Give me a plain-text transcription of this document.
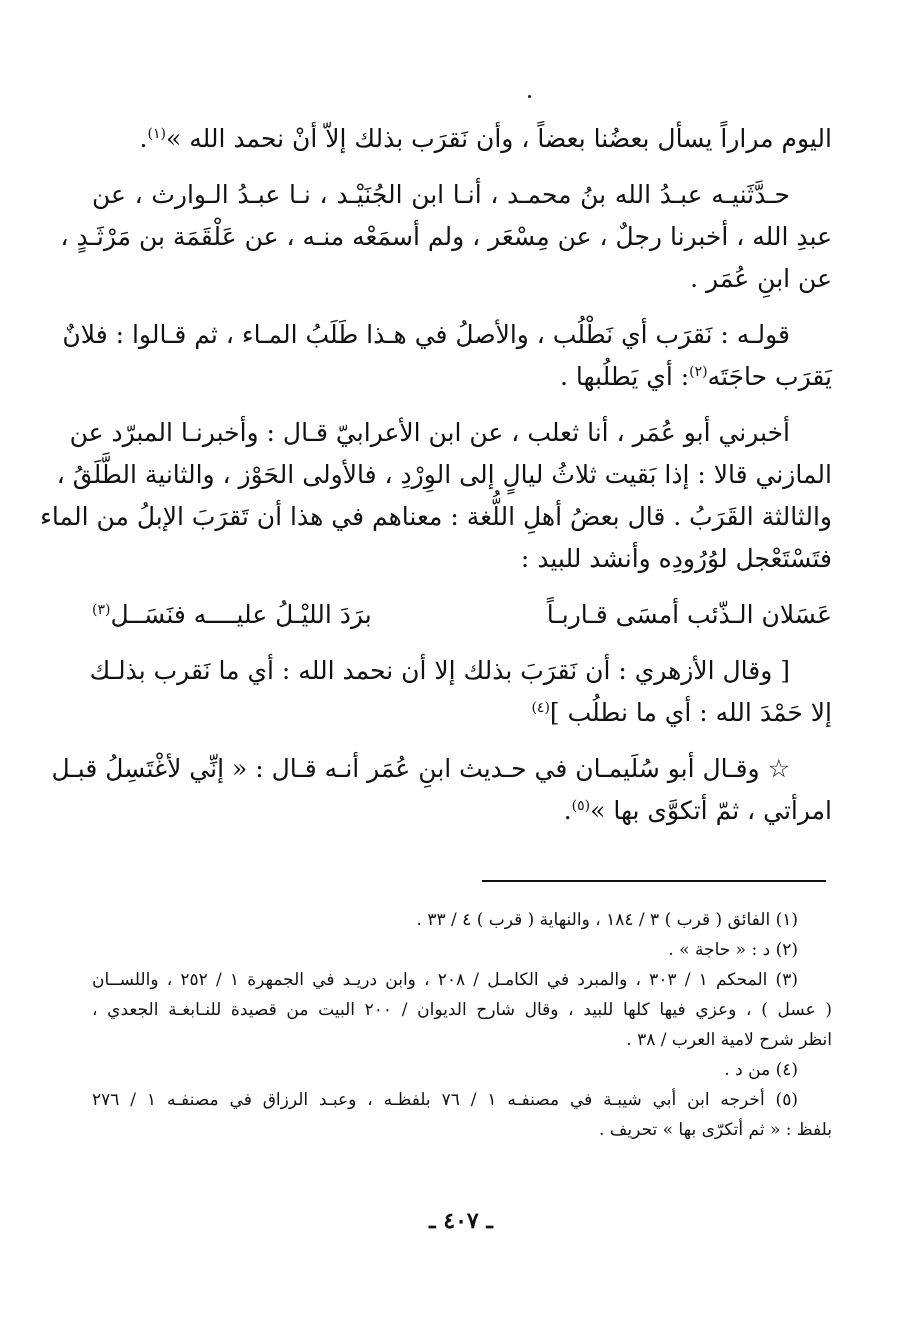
اليوم مراراً يسأل بعضُنا بعضاً ، وأن نَقرَب بذلك إلاّ أنْ نحمد الله »$^{(١)}$.
حـدَّثَنيـه عبـدُ الله بنُ محمـد ، أنـا ابن الجُنَيْـد ، نـا عبـدُ الـوارث ، عن
عبدِ الله ، أخبرنا رجلٌ ، عن مِسْعَر ، ولم أسمَعْه منـه ، عن عَلْقَمَة بن مَرْثَـدٍ ،
عن ابنِ عُمَر .
قولـه : نَقرَب أي نَطْلُب ، والأصلُ في هـذا طَلَبُ المـاء ، ثم قـالوا : فلانٌ
يَقرَب حاجَتَه$^{(٢)}$: أي يَطلُبها .
أخبرني أبو عُمَر ، أنا ثعلب ، عن ابن الأعرابيّ قـال : وأخبرنـا المبرّد عن
المازني قالا : إذا بَقيت ثلاثُ ليالٍ إلى الوِرْدِ ، فالأولى الحَوْز ، والثانية الطَّلَقُ ،
والثالثة القَرَبُ . قال بعضُ أهلِ اللُّغة : معناهم في هذا أن تَقرَبَ الإبلُ من الماء
فتَسْتَعْجل لوُرُودِه وأنشد للبيد :
عَسَلان الـذّئب أمسَى قـاربـاً
برَدَ الليْـلُ عليــــه فنَسَــل$^{(٣)}$
[ وقال الأزهري : أن نَقرَبَ بذلك إلا أن نحمد الله : أي ما نَقرب بذلـك
إلا حَمْدَ الله : أي ما نطلُب ]$^{(٤)}$
☆ وقـال أبو سُلَيمـان في حـديث ابنِ عُمَر أنـه قـال : « إنِّي لأغْتَسِلُ قبـل
امرأتي ، ثمّ أتكوَّى بها »$^{(٥)}$.
(١) الفائق ( قرب ) ٣ / ١٨٤ ، والنهاية ( قرب ) ٤ / ٣٣ .
(٢) د : « حاجة » .
(٣) المحكم ١ / ٣٠٣ ، والمبرد في الكامـل / ٢٠٨ ، وابن دريـد في الجمهرة ١ / ٢٥٢ ، واللســان
( عسل ) ، وعزي فيها كلها للبيد ، وقال شارح الديوان / ٢٠٠ البيت من قصيدة للنـابغـة الجعدي ،
انظر شرح لامية العرب / ٣٨ .
(٤) من د .
(٥) أخرجه ابن أبي شيبـة في مصنفـه ١ / ٧٦ بلفظـه ، وعبـد الرزاق في مصنفـه ١ / ٢٧٦
بلفظ : « ثم أتكرّى بها » تحريف .
ـ ٤٠٧ ـ
